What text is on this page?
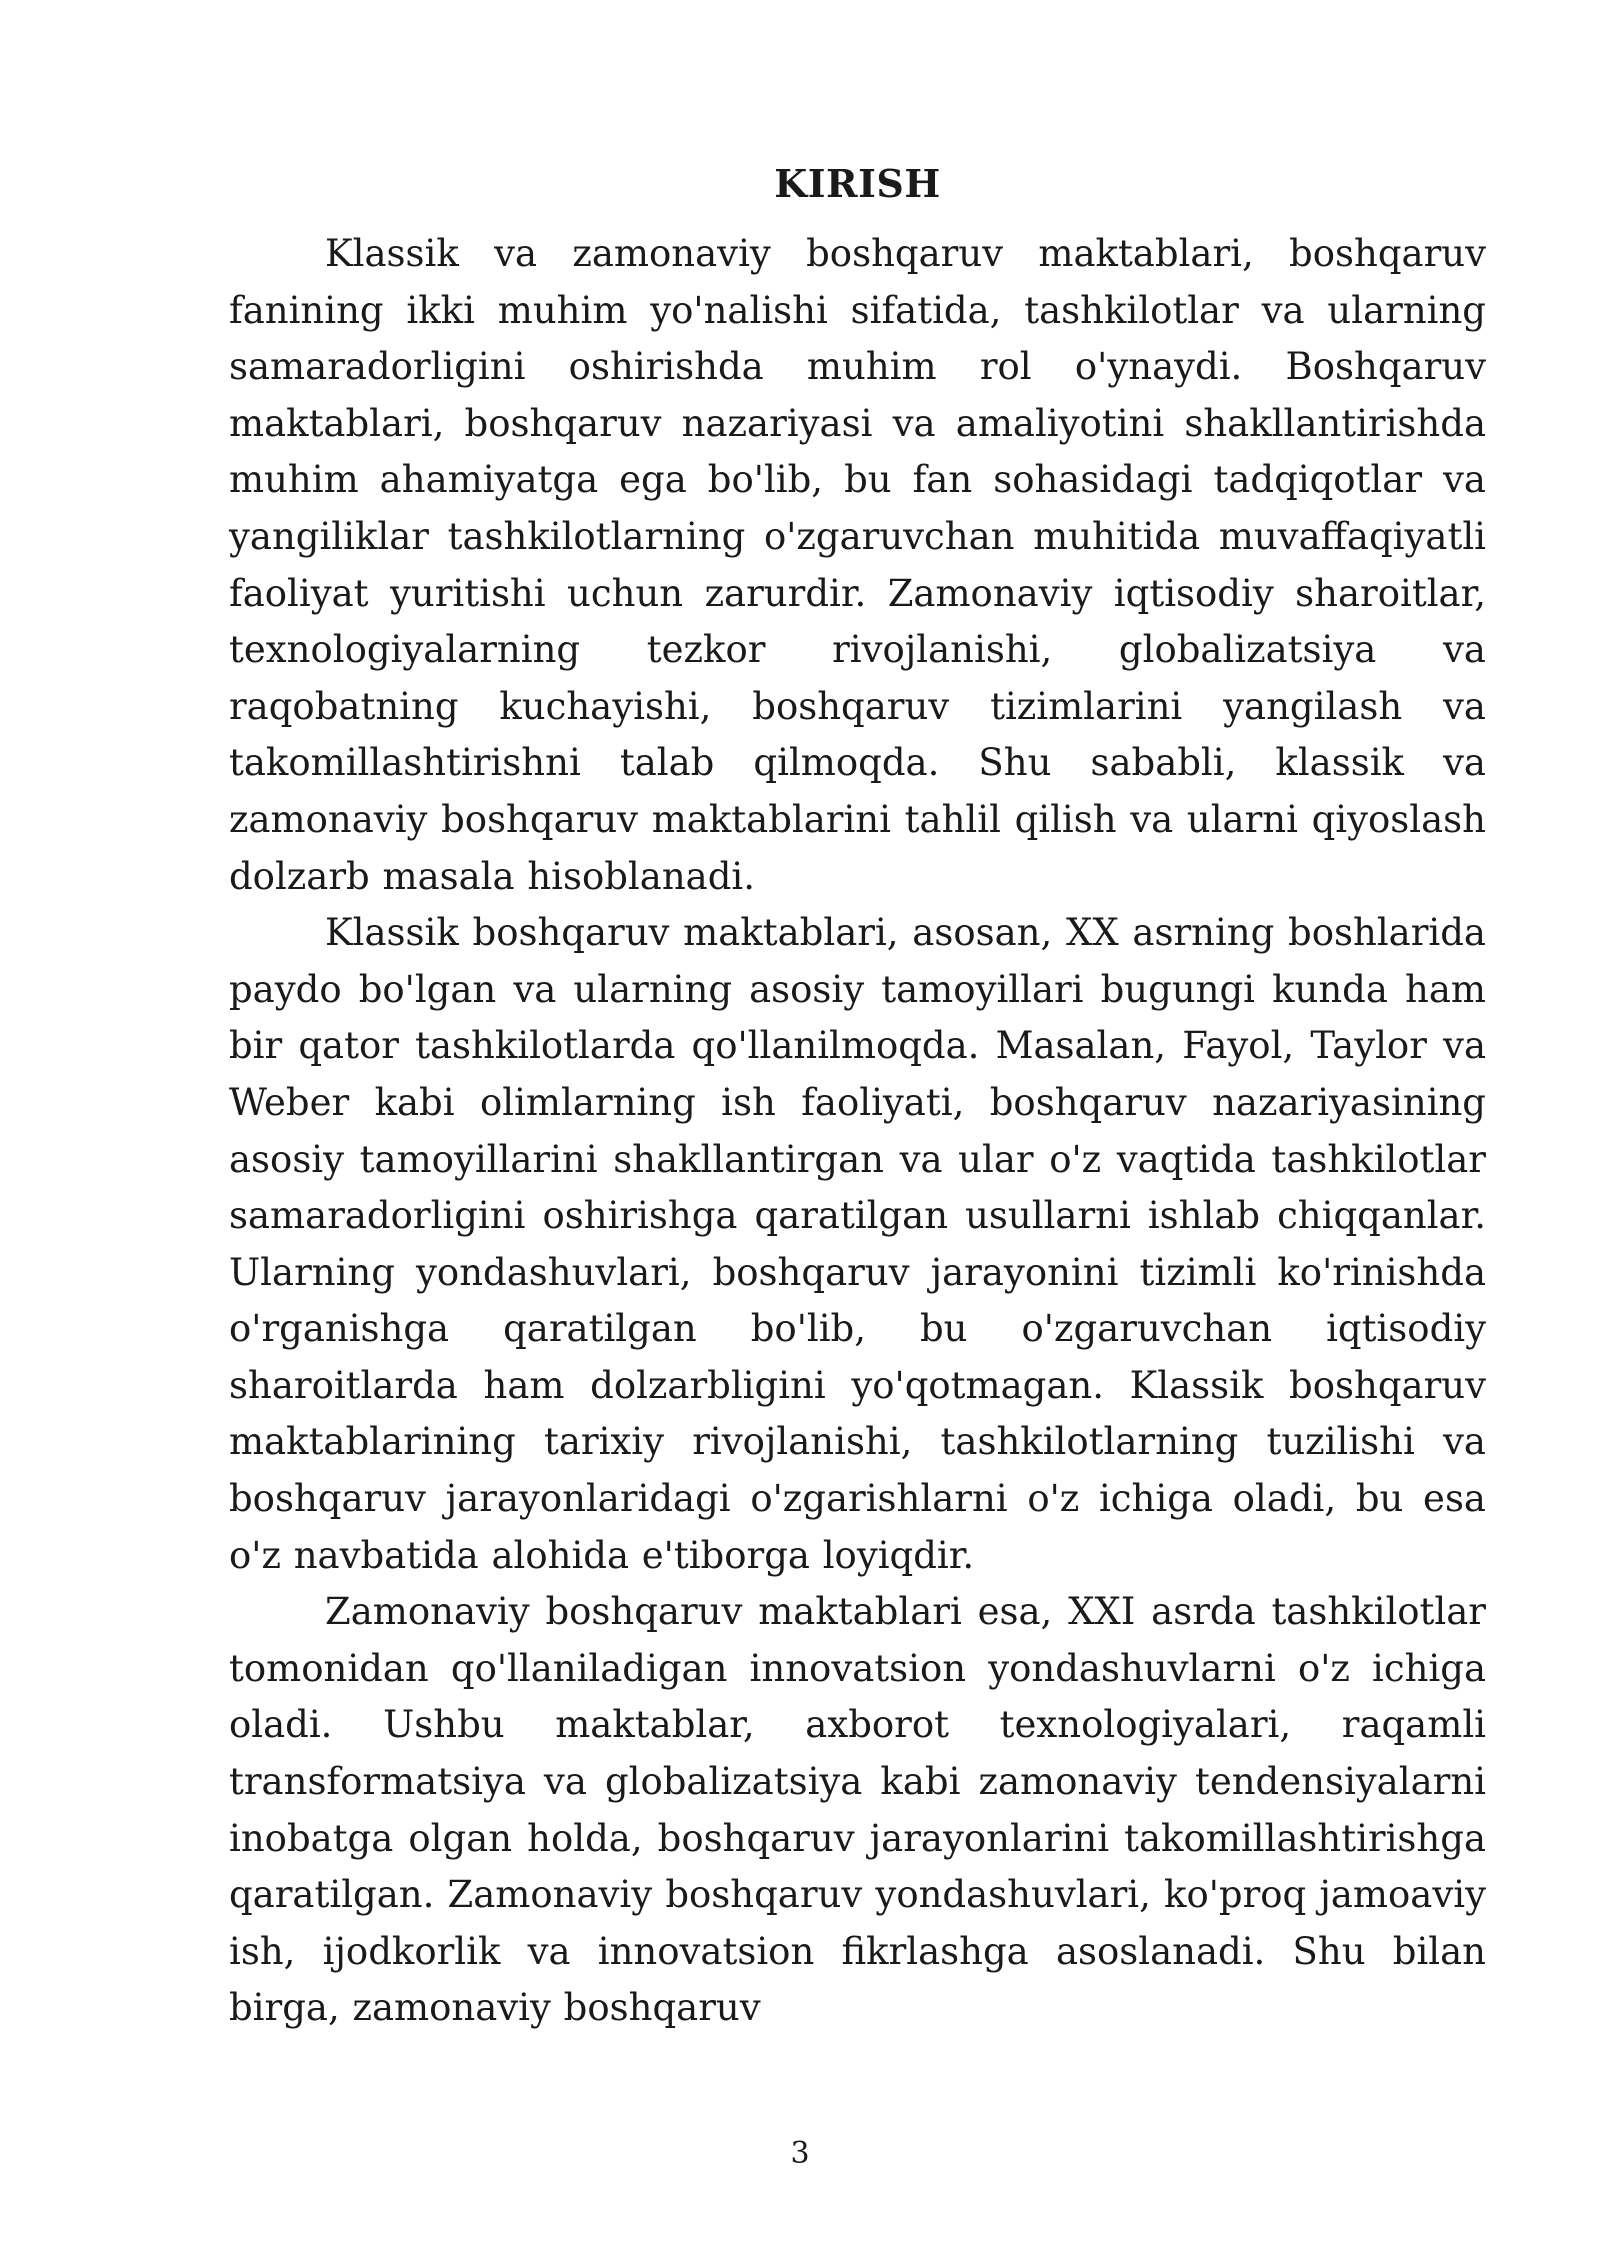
KIRISH

Klassik va zamonaviy boshqaruv maktablari, boshqaruv fanining ikki muhim yo'nalishi sifatida, tashkilotlar va ularning samaradorligini oshirishda muhim rol o'ynaydi. Boshqaruv maktablari, boshqaruv nazariyasi va amaliyotini shakllantirishda muhim ahamiyatga ega bo'lib, bu fan sohasidagi tadqiqotlar va yangiliklar tashkilotlarning o'zgaruvchan muhitida muvaffaqiyatli faoliyat yuritishi uchun zarurdir. Zamonaviy iqtisodiy sharoitlar, texnologiyalarning tezkor rivojlanishi, globalizatsiya va raqobatning kuchayishi, boshqaruv tizimlarini yangilash va takomillashtirishni talab qilmoqda. Shu sababli, klassik va zamonaviy boshqaruv maktablarini tahlil qilish va ularni qiyoslash dolzarb masala hisoblanadi.

Klassik boshqaruv maktablari, asosan, XX asrning boshlarida paydo bo'lgan va ularning asosiy tamoyillari bugungi kunda ham bir qator tashkilotlarda qo'llanilmoqda. Masalan, Fayol, Taylor va Weber kabi olimlarning ish faoliyati, boshqaruv nazariyasining asosiy tamoyillarini shakllantirgan va ular o'z vaqtida tashkilotlar samaradorligini oshirishga qaratilgan usullarni ishlab chiqqanlar. Ularning yondashuvlari, boshqaruv jarayonini tizimli ko'rinishda o'rganishga qaratilgan bo'lib, bu o'zgaruvchan iqtisodiy sharoitlarda ham dolzarbligini yo'qotmagan. Klassik boshqaruv maktablarining tarixiy rivojlanishi, tashkilotlarning tuzilishi va boshqaruv jarayonlaridagi o'zgarishlarni o'z ichiga oladi, bu esa o'z navbatida alohida e'tiborga loyiqdir.

Zamonaviy boshqaruv maktablari esa, XXI asrda tashkilotlar tomonidan qo'llaniladigan innovatsion yondashuvlarni o'z ichiga oladi. Ushbu maktablar, axborot texnologiyalari, raqamli transformatsiya va globalizatsiya kabi zamonaviy tendensiyalarni inobatga olgan holda, boshqaruv jarayonlarini takomillashtirishga qaratilgan. Zamonaviy boshqaruv yondashuvlari, ko'proq jamoaviy ish, ijodkorlik va innovatsion fikrlashga asoslanadi. Shu bilan birga, zamonaviy boshqaruv

3
